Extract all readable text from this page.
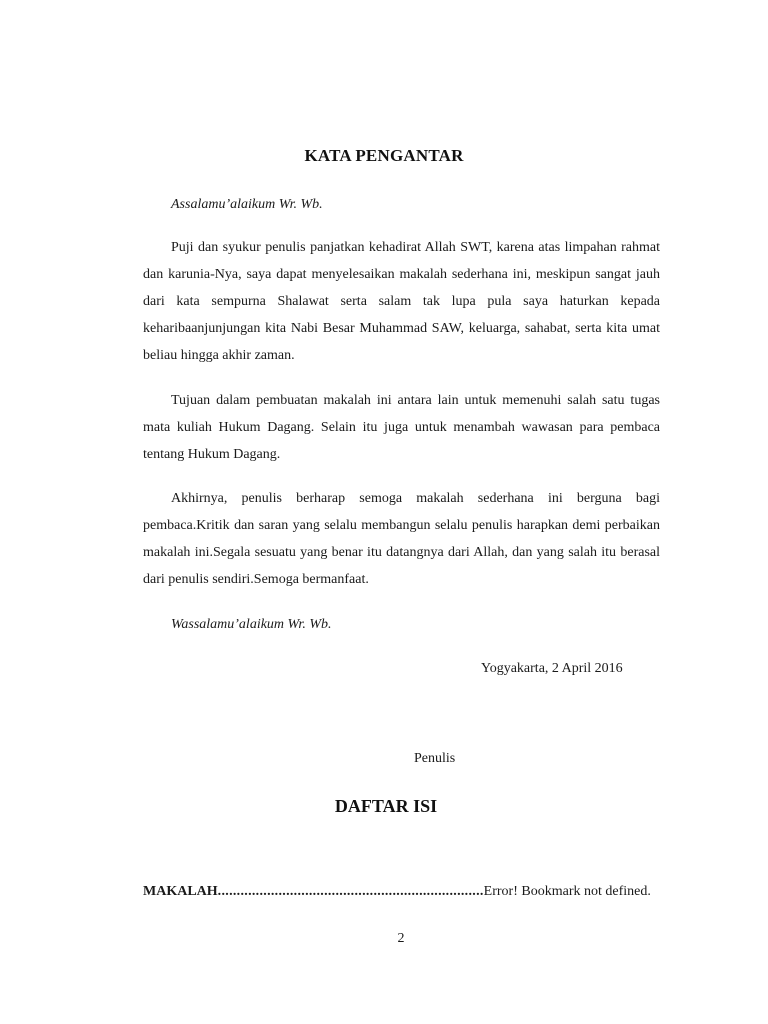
KATA PENGANTAR
Assalamu’alaikum Wr. Wb.

Puji dan syukur penulis panjatkan kehadirat Allah SWT, karena atas limpahan rahmat dan karunia-Nya, saya dapat menyelesaikan makalah sederhana ini, meskipun sangat jauh dari kata sempurna Shalawat serta salam tak lupa pula saya haturkan kepada keharibaanjunjungan kita Nabi Besar Muhammad SAW, keluarga, sahabat, serta kita umat beliau hingga akhir zaman.

Tujuan dalam pembuatan makalah ini antara lain untuk memenuhi salah satu tugas mata kuliah Hukum Dagang. Selain itu juga untuk menambah wawasan para pembaca tentang Hukum Dagang.

Akhirnya, penulis berharap semoga makalah sederhana ini berguna bagi pembaca.Kritik dan saran yang selalu membangun selalu penulis harapkan demi perbaikan makalah ini.Segala sesuatu yang benar itu datangnya dari Allah, dan yang salah itu berasal dari penulis sendiri.Semoga bermanfaat.

Wassalamu’alaikum Wr. Wb.
Yogyakarta, 2 April 2016
Penulis
DAFTAR ISI
MAKALAH......................................................................Error! Bookmark not defined.
2
